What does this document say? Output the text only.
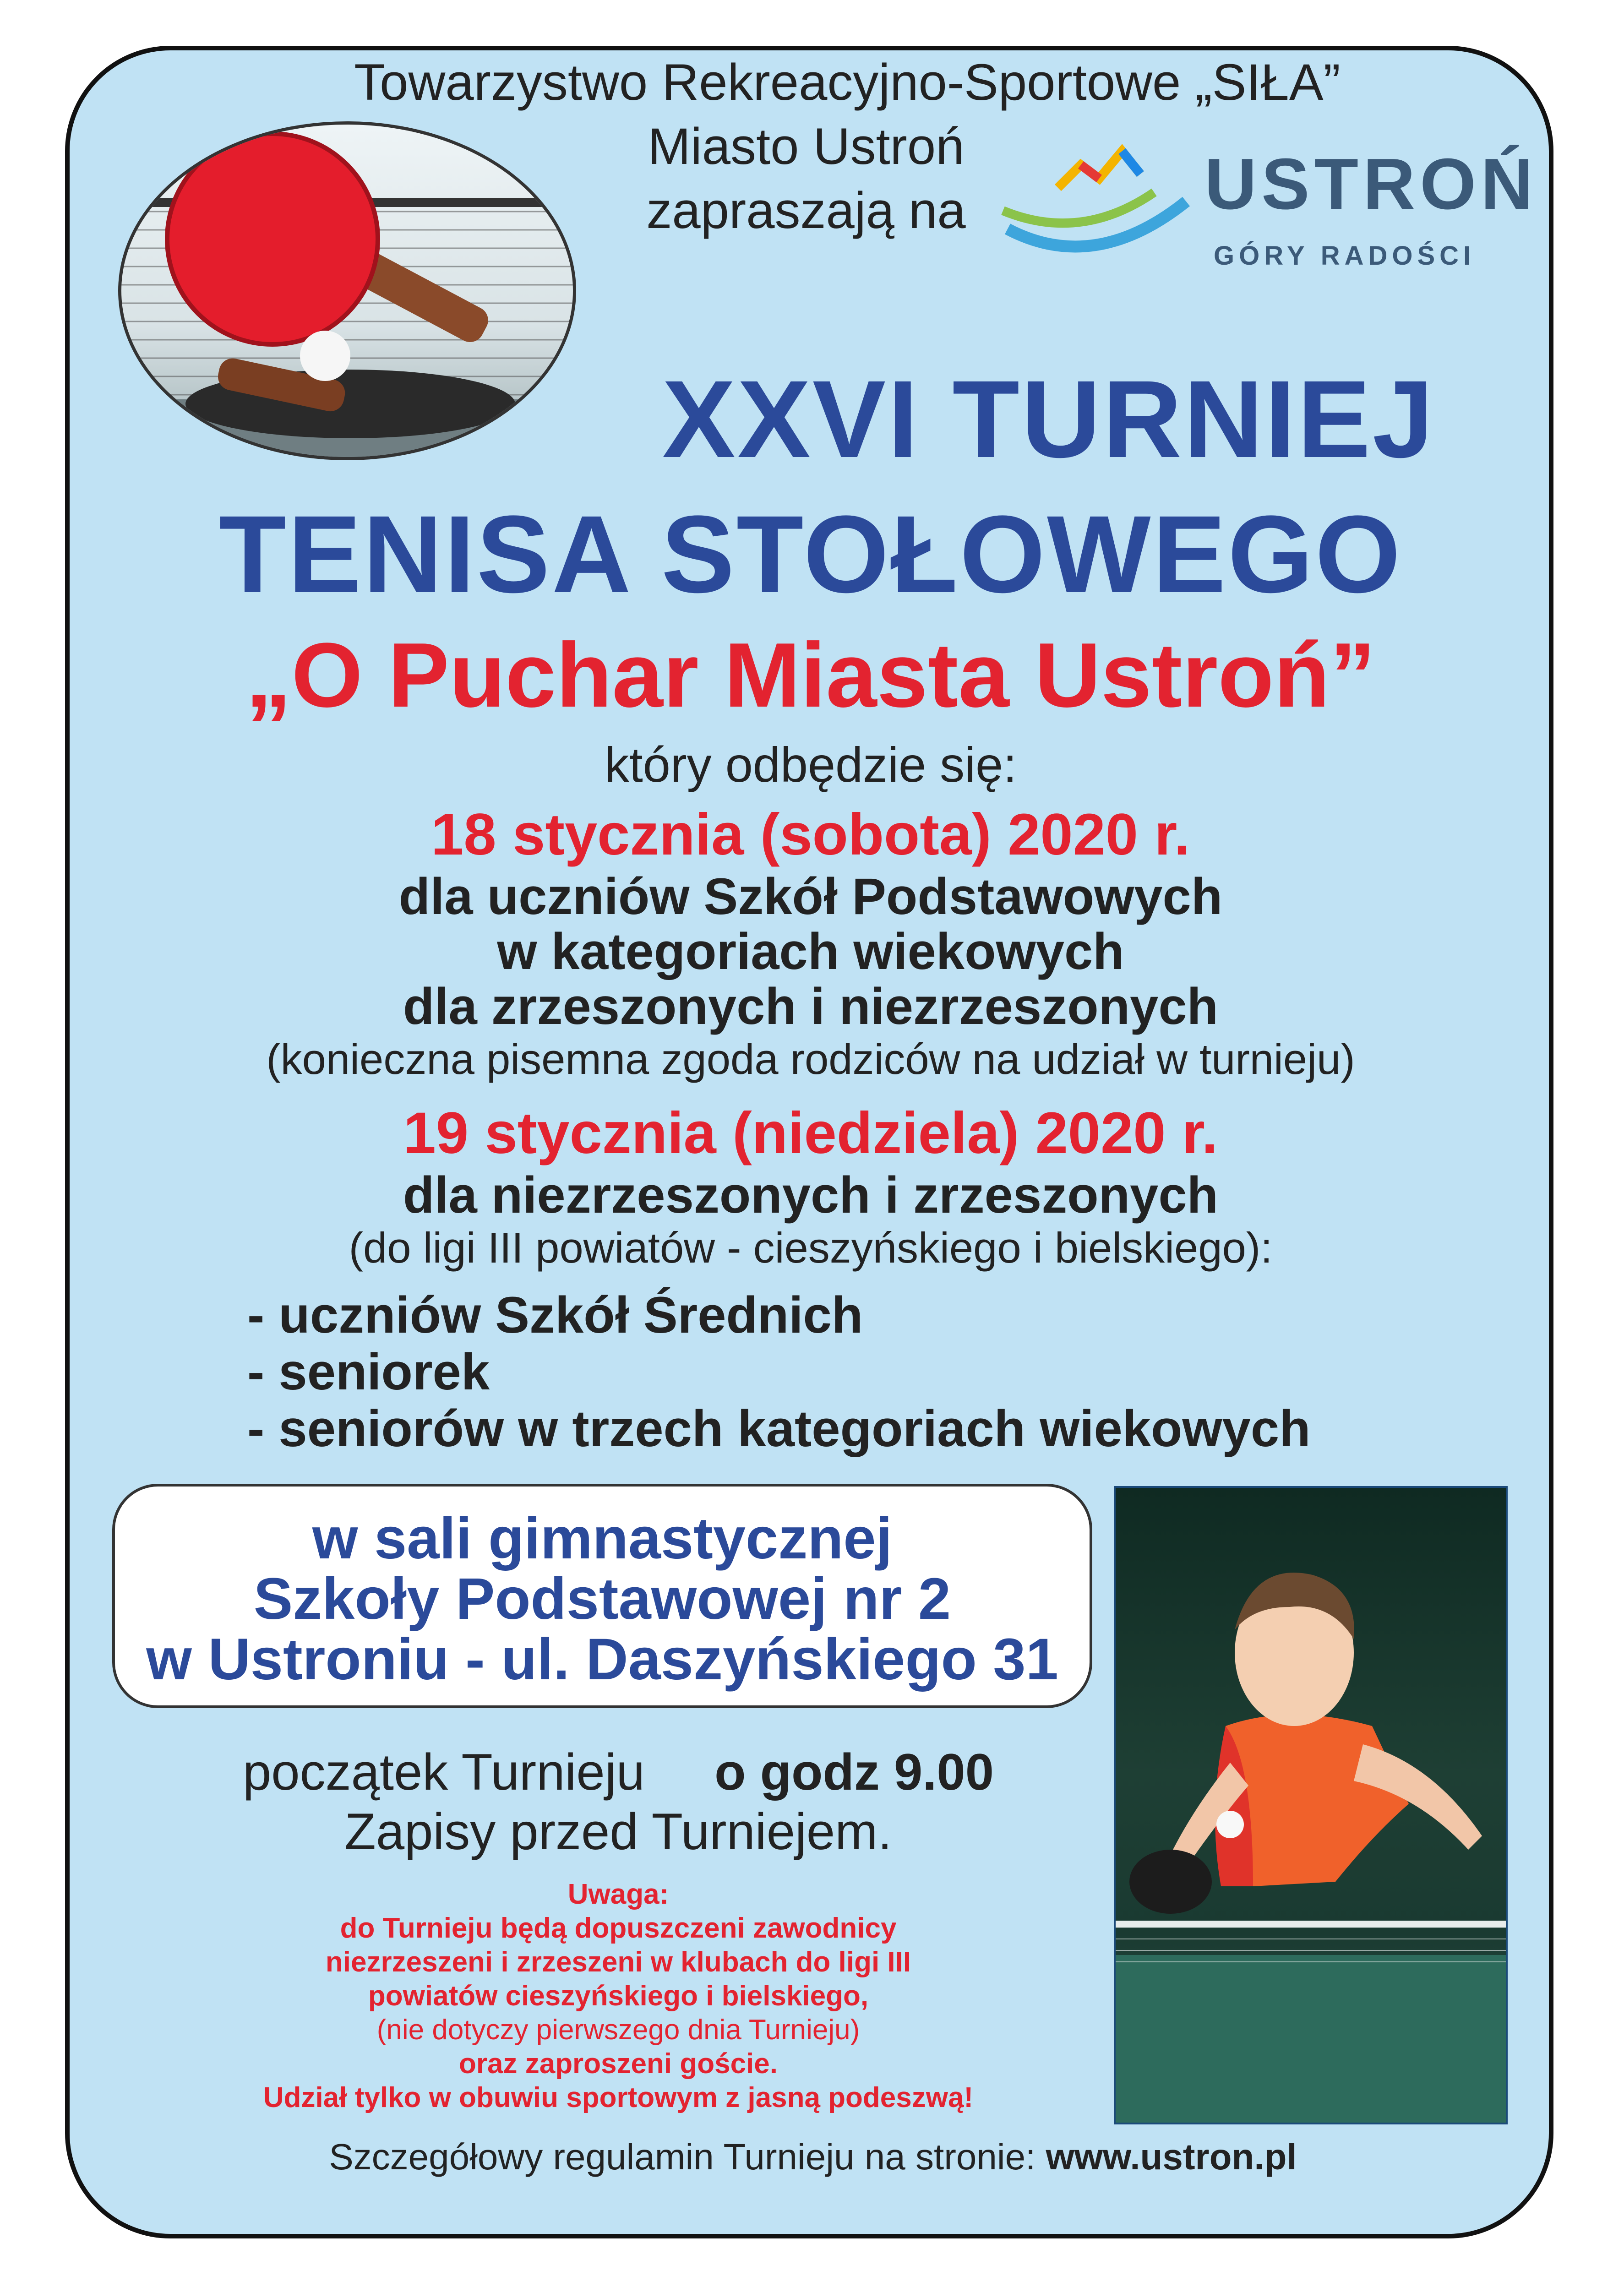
Towarzystwo Rekreacyjno-Sportowe „SIŁA”
Miasto Ustroń
zapraszają na	USTROŃ
GÓRY RADOŚCI
XXVI TURNIEJ
TENISA STOŁOWEGO
„O Puchar Miasta Ustroń”
który odbędzie się:
18 stycznia (sobota) 2020 r.
dla uczniów Szkół Podstawowych
w kategoriach wiekowych
dla zrzeszonych i niezrzeszonych
(konieczna pisemna zgoda rodziców na udział w turnieju)
19 stycznia (niedziela) 2020 r.
dla niezrzeszonych i zrzeszonych
(do ligi III powiatów - cieszyńskiego i bielskiego):
- uczniów Szkół Średnich
- seniorek
- seniorów w trzech kategoriach wiekowych
w sali gimnastycznej
Szkoły Podstawowej nr 2
w Ustroniu - ul. Daszyńskiego 31
początek Turnieju o godz 9.00
Zapisy przed Turniejem.
Uwaga:
do Turnieju będą dopuszczeni zawodnicy
niezrzeszeni i zrzeszeni w klubach do ligi III
powiatów cieszyńskiego i bielskiego,
(nie dotyczy pierwszego dnia Turnieju)
oraz zaproszeni goście.
Udział tylko w obuwiu sportowym z jasną podeszwą!
Szczegółowy regulamin Turnieju na stronie: www.ustron.pl
